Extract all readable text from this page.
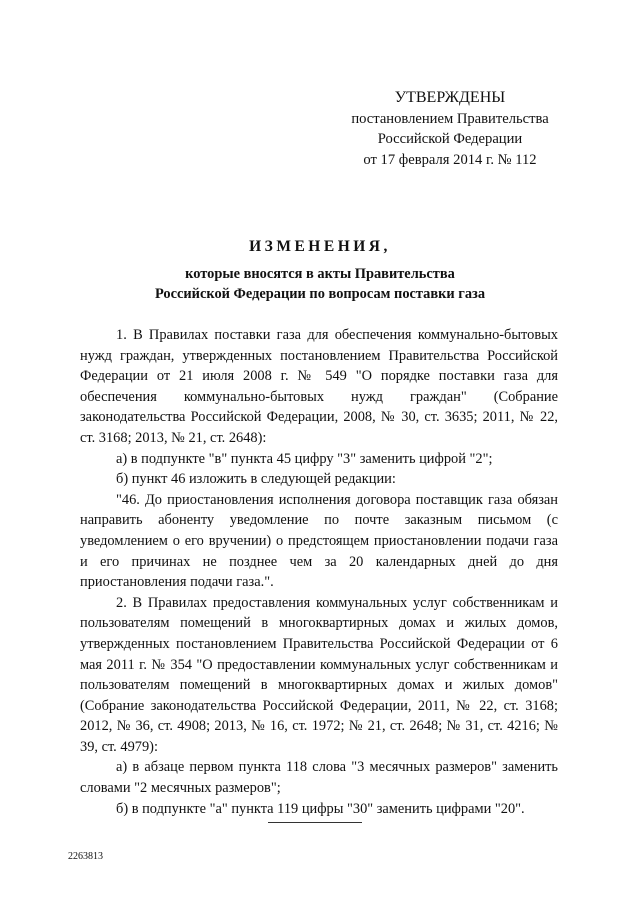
УТВЕРЖДЕНЫ
постановлением Правительства
Российской Федерации
от 17 февраля 2014 г. № 112
ИЗМЕНЕНИЯ,
которые вносятся в акты Правительства
Российской Федерации по вопросам поставки газа

1. В Правилах поставки газа для обеспечения коммунально-бытовых нужд граждан, утвержденных постановлением Правительства Российской Федерации от 21 июля 2008 г. № 549 "О порядке поставки газа для обеспечения коммунально-бытовых нужд граждан" (Собрание законодательства Российской Федерации, 2008, № 30, ст. 3635; 2011, № 22, ст. 3168; 2013, № 21, ст. 2648):

а) в подпункте "в" пункта 45 цифру "3" заменить цифрой "2";

б) пункт 46 изложить в следующей редакции:

"46. До приостановления исполнения договора поставщик газа обязан направить абоненту уведомление по почте заказным письмом (с уведомлением о его вручении) о предстоящем приостановлении подачи газа и его причинах не позднее чем за 20 календарных дней до дня приостановления подачи газа.".

2. В Правилах предоставления коммунальных услуг собственникам и пользователям помещений в многоквартирных домах и жилых домов, утвержденных постановлением Правительства Российской Федерации от 6 мая 2011 г. № 354 "О предоставлении коммунальных услуг собственникам и пользователям помещений в многоквартирных домах и жилых домов" (Собрание законодательства Российской Федерации, 2011, № 22, ст. 3168; 2012, № 36, ст. 4908; 2013, № 16, ст. 1972; № 21, ст. 2648; № 31, ст. 4216; № 39, ст. 4979):

а) в абзаце первом пункта 118 слова "3 месячных размеров" заменить словами "2 месячных размеров";

б) в подпункте "а" пункта 119 цифры "30" заменить цифрами "20".

2263813
